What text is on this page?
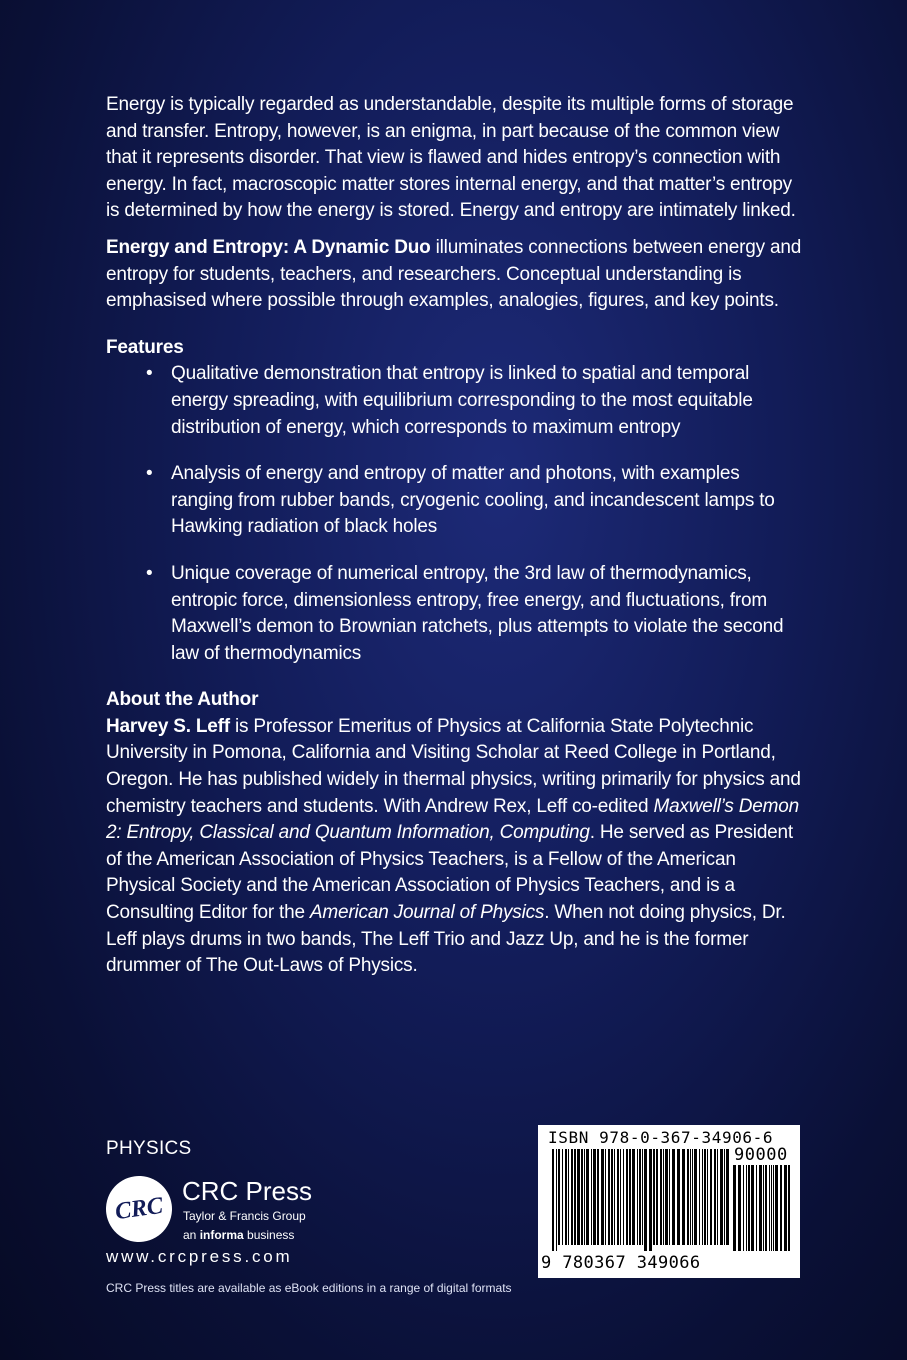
Energy is typically regarded as understandable, despite its multiple forms of storage and transfer. Entropy, however, is an enigma, in part because of the common view that it represents disorder. That view is flawed and hides entropy’s connection with energy. In fact, macroscopic matter stores internal energy, and that matter’s entropy is determined by how the energy is stored. Energy and entropy are intimately linked.

Energy and Entropy: A Dynamic Duo illuminates connections between energy and entropy for students, teachers, and researchers. Conceptual understanding is emphasised where possible through examples, analogies, figures, and key points.

Features

• Qualitative demonstration that entropy is linked to spatial and temporal energy spreading, with equilibrium corresponding to the most equitable distribution of energy, which corresponds to maximum entropy
• Analysis of energy and entropy of matter and photons, with examples ranging from rubber bands, cryogenic cooling, and incandescent lamps to Hawking radiation of black holes
• Unique coverage of numerical entropy, the 3rd law of thermodynamics, entropic force, dimensionless entropy, free energy, and fluctuations, from Maxwell’s demon to Brownian ratchets, plus attempts to violate the second law of thermodynamics

About the Author

Harvey S. Leff is Professor Emeritus of Physics at California State Polytechnic University in Pomona, California and Visiting Scholar at Reed College in Portland, Oregon. He has published widely in thermal physics, writing primarily for physics and chemistry teachers and students. With Andrew Rex, Leff co-edited Maxwell’s Demon 2: Entropy, Classical and Quantum Information, Computing. He served as President of the American Association of Physics Teachers, is a Fellow of the American Physical Society and the American Association of Physics Teachers, and is a Consulting Editor for the American Journal of Physics. When not doing physics, Dr. Leff plays drums in two bands, The Leff Trio and Jazz Up, and he is the former drummer of The Out-Laws of Physics.

PHYSICS
CRC
CRC Press
Taylor & Francis Group
an informa business
www.crcpress.com
CRC Press titles are available as eBook editions in a range of digital formats
ISBN 978-0-367-34906-6
90000
9 780367 349066
